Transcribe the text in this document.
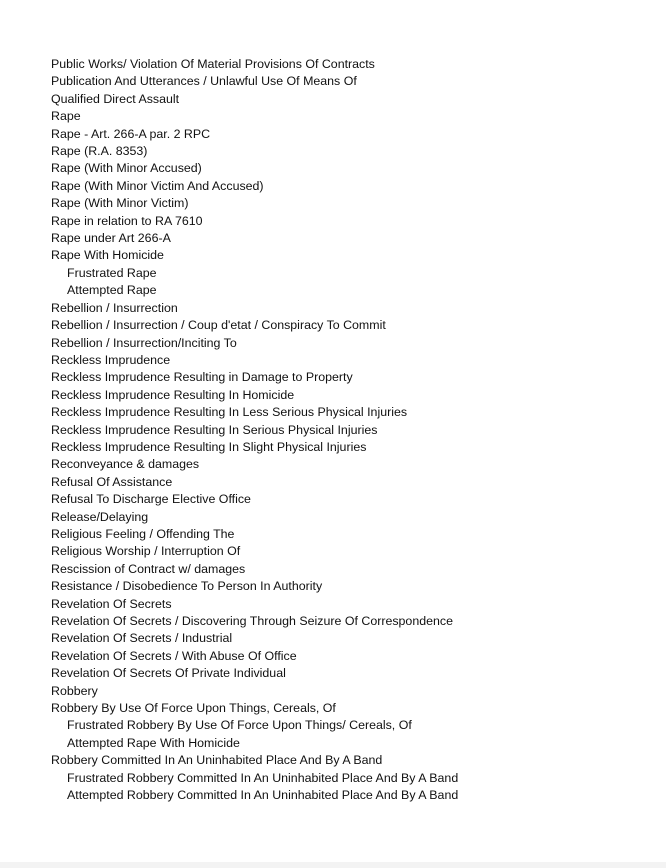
Public Works/ Violation Of Material Provisions Of Contracts
Publication And Utterances / Unlawful Use Of Means Of
Qualified Direct Assault
Rape
Rape - Art. 266-A par. 2 RPC
Rape (R.A. 8353)
Rape (With Minor Accused)
Rape (With Minor Victim And Accused)
Rape (With Minor Victim)
Rape in relation to RA 7610
Rape under Art 266-A
Rape With Homicide
Frustrated Rape
Attempted Rape
Rebellion / Insurrection
Rebellion / Insurrection / Coup d'etat / Conspiracy To Commit
Rebellion / Insurrection/Inciting To
Reckless Imprudence
Reckless Imprudence Resulting in Damage to Property
Reckless Imprudence Resulting In Homicide
Reckless Imprudence Resulting In Less Serious Physical Injuries
Reckless Imprudence Resulting In Serious Physical Injuries
Reckless Imprudence Resulting In Slight Physical Injuries
Reconveyance & damages
Refusal Of Assistance
Refusal To Discharge Elective Office
Release/Delaying
Religious Feeling / Offending The
Religious Worship / Interruption Of
Rescission of Contract w/ damages
Resistance / Disobedience To Person In Authority
Revelation Of Secrets
Revelation Of Secrets / Discovering Through Seizure Of Correspondence
Revelation Of Secrets / Industrial
Revelation Of Secrets / With Abuse Of Office
Revelation Of Secrets Of Private Individual
Robbery
Robbery By Use Of Force Upon Things, Cereals, Of
Frustrated Robbery By Use Of Force Upon Things/ Cereals, Of
Attempted Rape With Homicide
Robbery Committed In An Uninhabited Place And By A Band
Frustrated Robbery Committed In An Uninhabited Place And By A Band
Attempted Robbery Committed In An Uninhabited Place And By A Band
